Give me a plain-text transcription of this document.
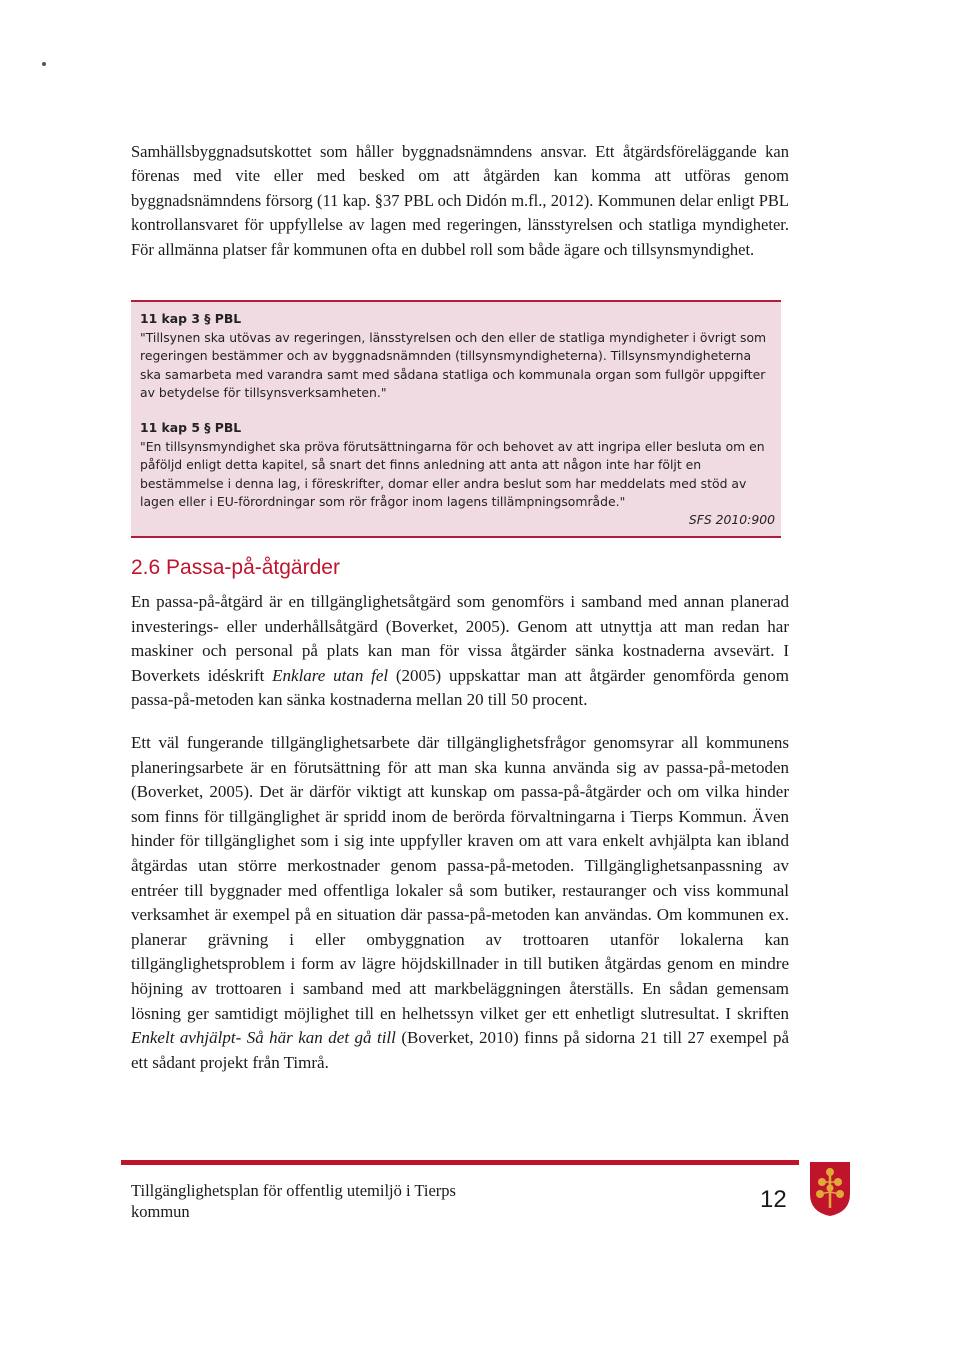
Samhällsbyggnadsutskottet som håller byggnadsnämndens ansvar. Ett åtgärdsföreläggande kan förenas med vite eller med besked om att åtgärden kan komma att utföras genom byggnadsnämndens försorg (11 kap. §37 PBL och Didón m.fl., 2012). Kommunen delar enligt PBL kontrollansvaret för uppfyllelse av lagen med regeringen, länsstyrelsen och statliga myndigheter. För allmänna platser får kommunen ofta en dubbel roll som både ägare och tillsynsmyndighet.

11 kap 3 § PBL

"Tillsynen ska utövas av regeringen, länsstyrelsen och den eller de statliga myndigheter i övrigt som regeringen bestämmer och av byggnadsnämnden (tillsynsmyndigheterna). Tillsynsmyndigheterna ska samarbeta med varandra samt med sådana statliga och kommunala organ som fullgör uppgifter av betydelse för tillsynsverksamheten."

11 kap 5 § PBL

"En tillsynsmyndighet ska pröva förutsättningarna för och behovet av att ingripa eller besluta om en påföljd enligt detta kapitel, så snart det finns anledning att anta att någon inte har följt en bestämmelse i denna lag, i föreskrifter, domar eller andra beslut som har meddelats med stöd av lagen eller i EU-förordningar som rör frågor inom lagens tillämpningsområde."

SFS 2010:900
2.6 Passa-på-åtgärder

En passa-på-åtgärd är en tillgänglighetsåtgärd som genomförs i samband med annan planerad investerings- eller underhållsåtgärd (Boverket, 2005). Genom att utnyttja att man redan har maskiner och personal på plats kan man för vissa åtgärder sänka kostnaderna avsevärt. I Boverkets idéskrift Enklare utan fel (2005) uppskattar man att åtgärder genomförda genom passa-på-metoden kan sänka kostnaderna mellan 20 till 50 procent.

Ett väl fungerande tillgänglighetsarbete där tillgänglighetsfrågor genomsyrar all kommunens planeringsarbete är en förutsättning för att man ska kunna använda sig av passa-på-metoden (Boverket, 2005). Det är därför viktigt att kunskap om passa-på-åtgärder och om vilka hinder som finns för tillgänglighet är spridd inom de berörda förvaltningarna i Tierps Kommun. Även hinder för tillgänglighet som i sig inte uppfyller kraven om att vara enkelt avhjälpta kan ibland åtgärdas utan större merkostnader genom passa-på-metoden. Tillgänglighetsanpassning av entréer till byggnader med offentliga lokaler så som butiker, restauranger och viss kommunal verksamhet är exempel på en situation där passa-på-metoden kan användas. Om kommunen ex. planerar grävning i eller ombyggnation av trottoaren utanför lokalerna kan tillgänglighetsproblem i form av lägre höjdskillnader in till butiken åtgärdas genom en mindre höjning av trottoaren i samband med att markbeläggningen återställs. En sådan gemensam lösning ger samtidigt möjlighet till en helhetssyn vilket ger ett enhetligt slutresultat. I skriften Enkelt avhjälpt- Så här kan det gå till (Boverket, 2010) finns på sidorna 21 till 27 exempel på ett sådant projekt från Timrå.

Tillgänglighetsplan för offentlig utemiljö i Tierps kommun	12
